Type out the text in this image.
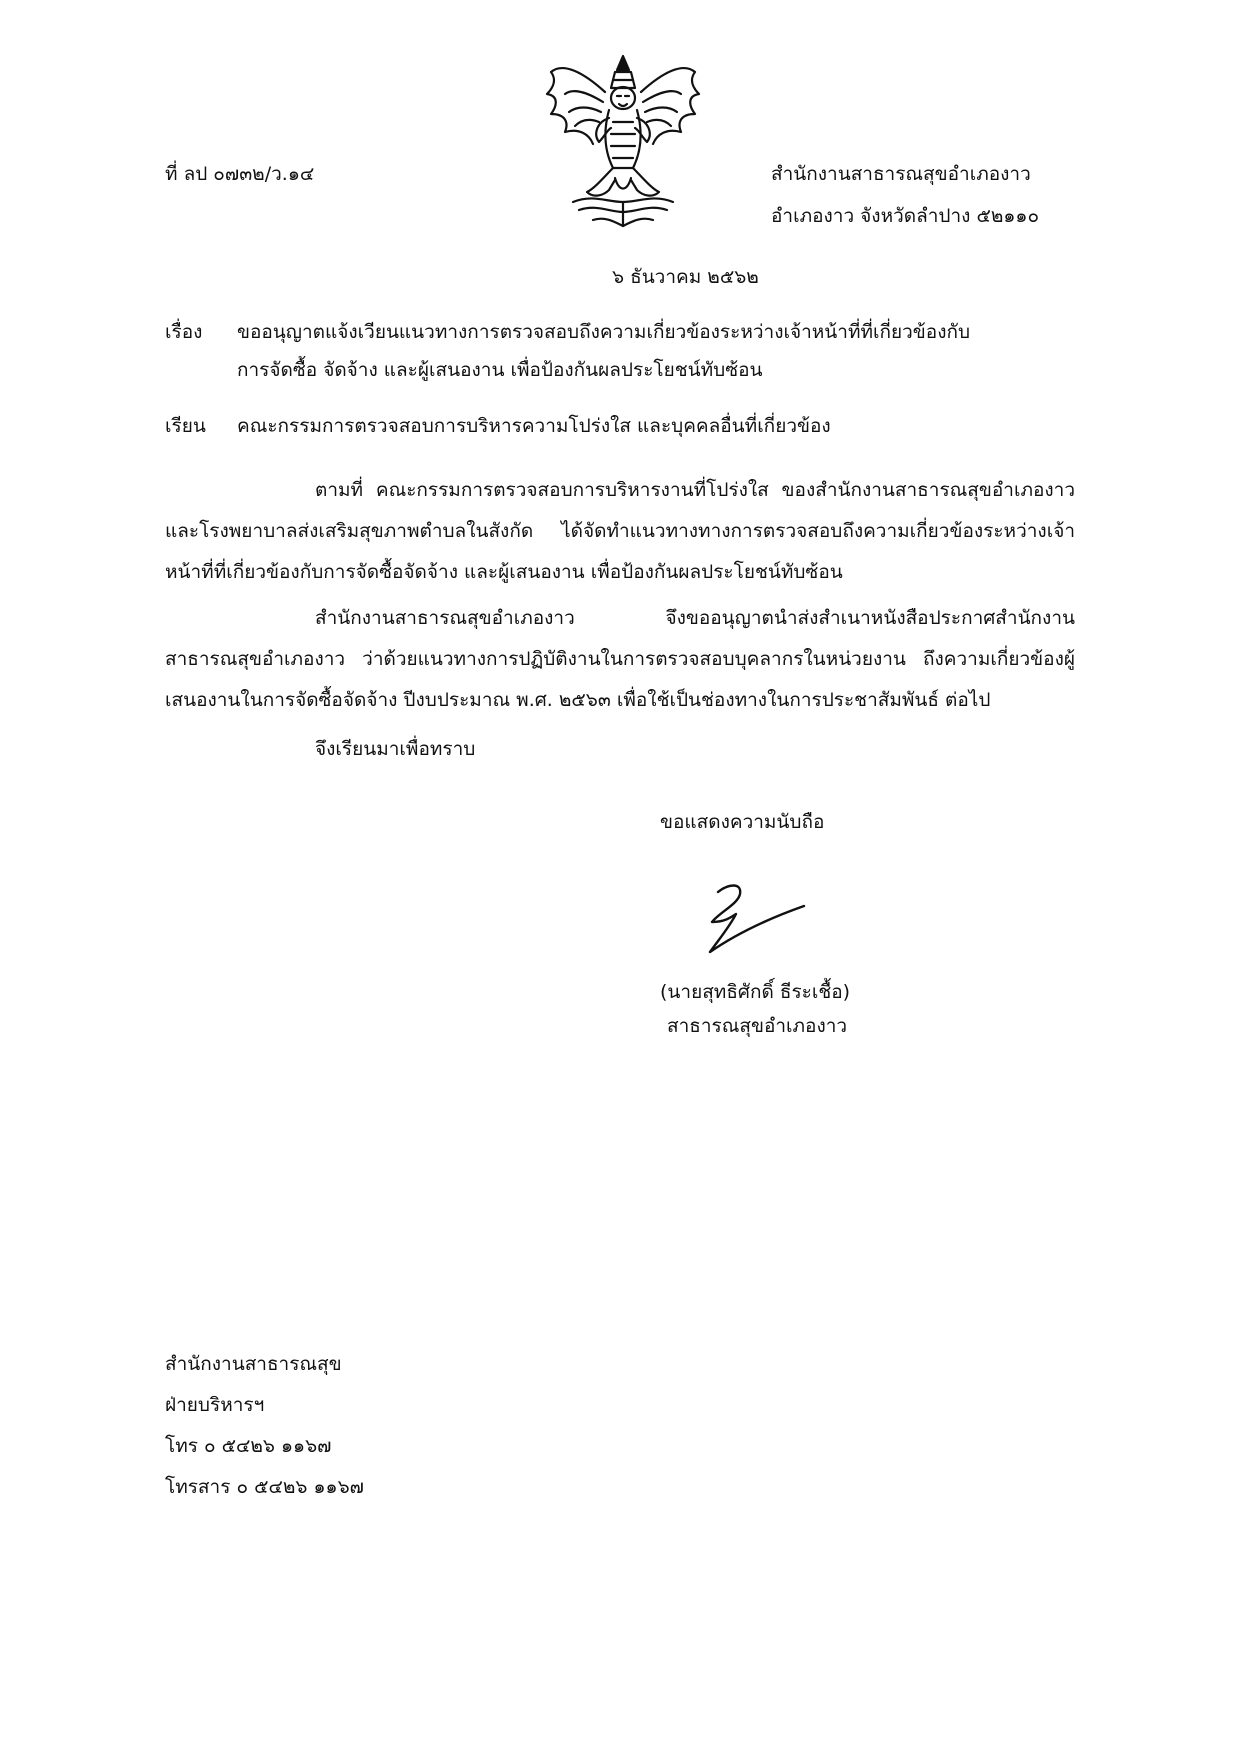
ที่ ลป ๐๗๓๒/ว.๑๔	สำนักงานสาธารณสุขอำเภองาว
อำเภองาว จังหวัดลำปาง ๕๒๑๑๐
๖ ธันวาคม ๒๕๖๒
เรื่อง ขออนุญาตแจ้งเวียนแนวทางการตรวจสอบถึงความเกี่ยวข้องระหว่างเจ้าหน้าที่ที่เกี่ยวข้องกับ
การจัดซื้อ จัดจ้าง และผู้เสนองาน เพื่อป้องกันผลประโยชน์ทับซ้อน
เรียน คณะกรรมการตรวจสอบการบริหารความโปร่งใส และบุคคลอื่นที่เกี่ยวข้อง
ตามที่ คณะกรรมการตรวจสอบการบริหารงานที่โปร่งใส ของสำนักงานสาธารณสุขอำเภองาว และโรงพยาบาลส่งเสริมสุขภาพตำบลในสังกัด ได้จัดทำแนวทางทางการตรวจสอบถึงความเกี่ยวข้องระหว่างเจ้าหน้าที่ที่เกี่ยวข้องกับการจัดซื้อจัดจ้าง และผู้เสนองาน เพื่อป้องกันผลประโยชน์ทับซ้อน
สำนักงานสาธารณสุขอำเภองาว จึงขออนุญาตนำส่งสำเนาหนังสือประกาศสำนักงานสาธารณสุขอำเภองาว ว่าด้วยแนวทางการปฏิบัติงานในการตรวจสอบบุคลากรในหน่วยงาน ถึงความเกี่ยวข้องผู้เสนองานในการจัดซื้อจัดจ้าง ปีงบประมาณ พ.ศ. ๒๕๖๓ เพื่อใช้เป็นช่องทางในการประชาสัมพันธ์ ต่อไป
จึงเรียนมาเพื่อทราบ
ขอแสดงความนับถือ
(นายสุทธิศักดิ์ ธีระเชื้อ)
สาธารณสุขอำเภองาว
สำนักงานสาธารณสุข
ฝ่ายบริหารฯ
โทร ๐ ๕๔๒๖ ๑๑๖๗
โทรสาร ๐ ๕๔๒๖ ๑๑๖๗
